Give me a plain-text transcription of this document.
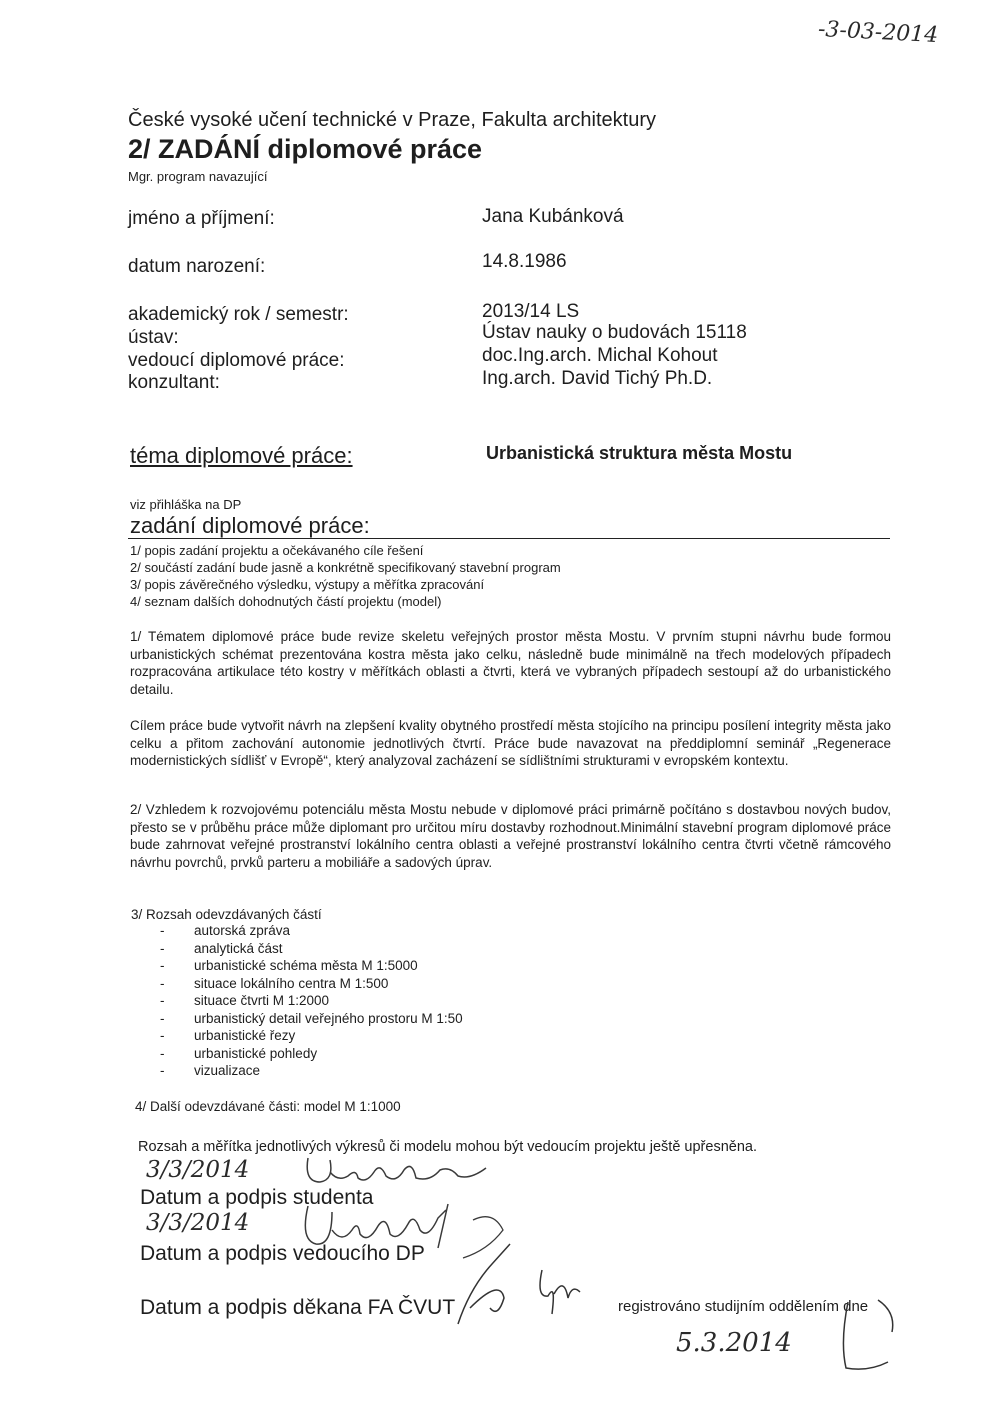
-3-03-2014
České vysoké učení technické v Praze, Fakulta architektury
2/ ZADÁNÍ diplomové práce
Mgr. program navazující
jméno a příjmení:	Jana Kubánková
datum narození:	14.8.1986
akademický rok / semestr:	2013/14 LS
ústav:	Ústav nauky o budovách 15118
vedoucí diplomové práce:	doc.Ing.arch. Michal Kohout
konzultant:	Ing.arch. David Tichý Ph.D.
téma diplomové práce:	Urbanistická struktura města Mostu
viz přihláška na DP
zadání diplomové práce:
1/ popis zadání projektu a očekávaného cíle řešení
2/ součástí zadání bude jasně a konkrétně specifikovaný stavební program
3/ popis závěrečného výsledku, výstupy a měřítka zpracování
4/ seznam dalších dohodnutých částí projektu (model)

1/ Tématem diplomové práce bude revize skeletu veřejných prostor města Mostu. V prvním stupni návrhu bude formou urbanistických schémat prezentována kostra města jako celku, následně bude minimálně na třech modelových případech rozpracována artikulace této kostry v měřítkách oblasti a čtvrti, která ve vybraných případech sestoupí až do urbanistického detailu.

Cílem práce bude vytvořit návrh na zlepšení kvality obytného prostředí města stojícího na principu posílení integrity města jako celku a přitom zachování autonomie jednotlivých čtvrtí. Práce bude navazovat na předdiplomní seminář „Regenerace modernistických sídlišť v Evropě“, který analyzoval zacházení se sídlištními strukturami v evropském kontextu.

2/ Vzhledem k rozvojovému potenciálu města Mostu nebude v diplomové práci primárně počítáno s dostavbou nových budov, přesto se v průběhu práce může diplomant pro určitou míru dostavby rozhodnout.Minimální stavební program diplomové práce bude zahrnovat veřejné prostranství lokálního centra oblasti a veřejné prostranství lokálního centra čtvrti včetně rámcového návrhu povrchů, prvků parteru a mobiliáře a sadových úprav.

3/ Rozsah odevzdávaných částí
- autorská zpráva
- analytická část
- urbanistické schéma města M 1:5000
- situace lokálního centra M 1:500
- situace čtvrti M 1:2000
- urbanistický detail veřejného prostoru M 1:50
- urbanistické řezy
- urbanistické pohledy
- vizualizace
4/ Další odevzdávané části: model M 1:1000
Rozsah a měřítka jednotlivých výkresů či modelu mohou být vedoucím projektu ještě upřesněna.
3/3/2014
Datum a podpis studenta
3/3/2014
Datum a podpis vedoucího DP
Datum a podpis děkana FA ČVUT	registrováno studijním oddělením dne
5.3.2014
